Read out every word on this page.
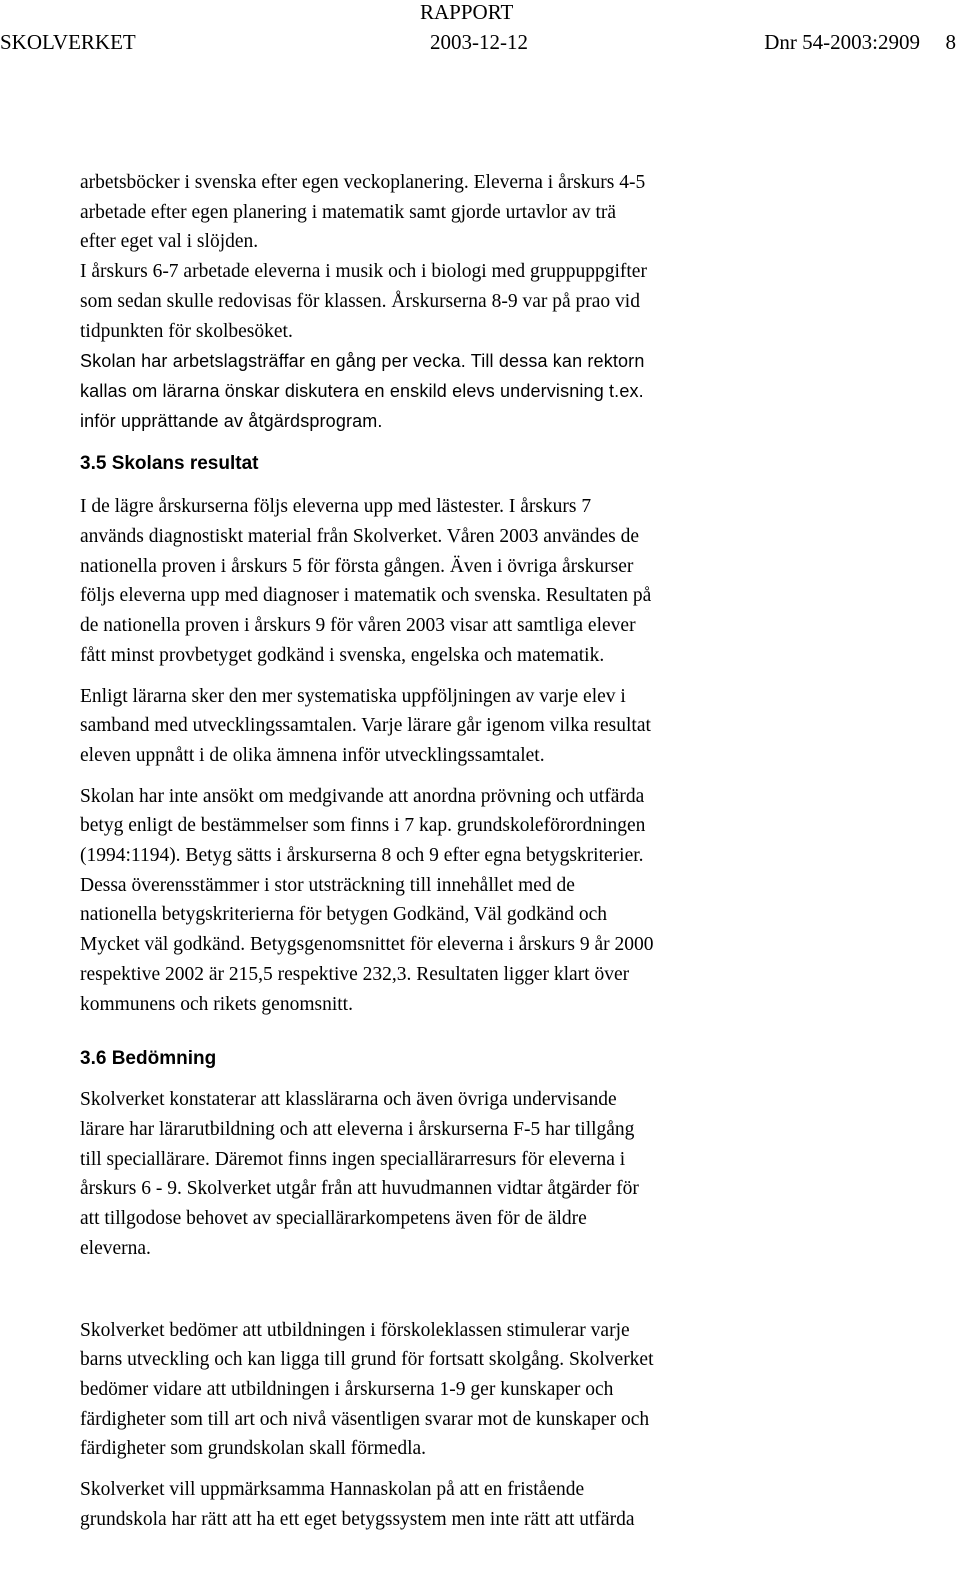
RAPPORT
SKOLVERKET	2003-12-12	Dnr 54-2003:2909 8

arbetsböcker i svenska efter egen veckoplanering. Eleverna i årskurs 4-5
arbetade efter egen planering i matematik samt gjorde urtavlor av trä
efter eget val i slöjden.

I årskurs 6-7 arbetade eleverna i musik och i biologi med gruppuppgifter
som sedan skulle redovisas för klassen. Årskurserna 8-9 var på prao vid
tidpunkten för skolbesöket.

Skolan har arbetslagsträffar en gång per vecka. Till dessa kan rektorn
kallas om lärarna önskar diskutera en enskild elevs undervisning t.ex.
inför upprättande av åtgärdsprogram.

3.5 Skolans resultat

I de lägre årskurserna följs eleverna upp med lästester. I årskurs 7
används diagnostiskt material från Skolverket. Våren 2003 användes de
nationella proven i årskurs 5 för första gången. Även i övriga årskurser
följs eleverna upp med diagnoser i matematik och svenska. Resultaten på
de nationella proven i årskurs 9 för våren 2003 visar att samtliga elever
fått minst provbetyget godkänd i svenska, engelska och matematik.

Enligt lärarna sker den mer systematiska uppföljningen av varje elev i
samband med utvecklingssamtalen. Varje lärare går igenom vilka resultat
eleven uppnått i de olika ämnena inför utvecklingssamtalet.

Skolan har inte ansökt om medgivande att anordna prövning och utfärda
betyg enligt de bestämmelser som finns i 7 kap. grundskoleförordningen
(1994:1194). Betyg sätts i årskurserna 8 och 9 efter egna betygskriterier.
Dessa överensstämmer i stor utsträckning till innehållet med de
nationella betygskriterierna för betygen Godkänd, Väl godkänd och
Mycket väl godkänd. Betygsgenomsnittet för eleverna i årskurs 9 år 2000
respektive 2002 är 215,5 respektive 232,3. Resultaten ligger klart över
kommunens och rikets genomsnitt.

3.6 Bedömning

Skolverket konstaterar att klasslärarna och även övriga undervisande
lärare har lärarutbildning och att eleverna i årskurserna F-5 har tillgång
till speciallärare. Däremot finns ingen speciallärarresurs för eleverna i
årskurs 6 - 9. Skolverket utgår från att huvudmannen vidtar åtgärder för
att tillgodose behovet av speciallärarkompetens även för de äldre
eleverna.

Skolverket bedömer att utbildningen i förskoleklassen stimulerar varje
barns utveckling och kan ligga till grund för fortsatt skolgång. Skolverket
bedömer vidare att utbildningen i årskurserna 1-9 ger kunskaper och
färdigheter som till art och nivå väsentligen svarar mot de kunskaper och
färdigheter som grundskolan skall förmedla.

Skolverket vill uppmärksamma Hannaskolan på att en fristående
grundskola har rätt att ha ett eget betygssystem men inte rätt att utfärda
